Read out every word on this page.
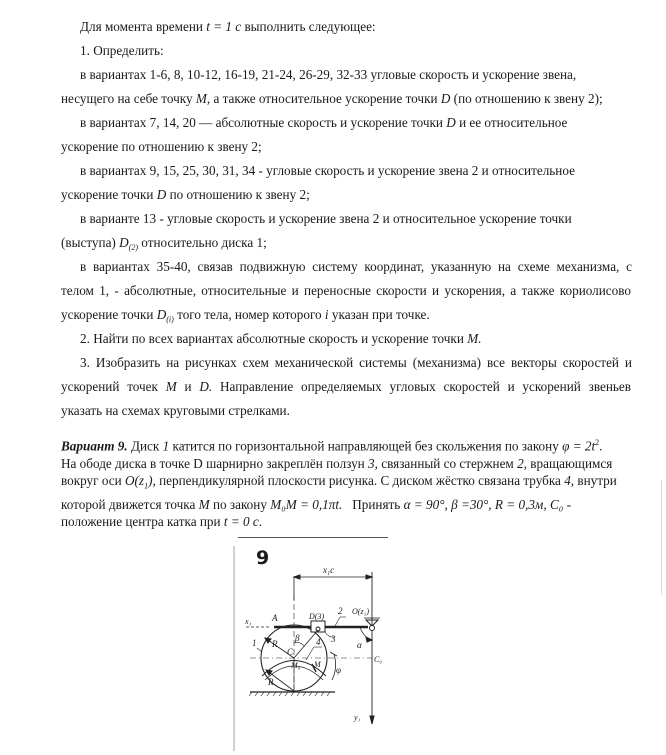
Для момента времени t = 1 с выполнить следующее:
1. Определить:
в вариантах 1-6, 8, 10-12, 16-19, 21-24, 26-29, 32-33 угловые скорость и ускорение звена,
несущего на себе точку M, а также относительное ускорение точки D (по отношению к звену 2);
в вариантах 7, 14, 20 — абсолютные скорость и ускорение точки D и ее относительное
ускорение по отношению к звену 2;
в вариантах 9, 15, 25, 30, 31, 34 - угловые скорость и ускорение звена 2 и относительное
ускорение точки D по отношению к звену 2;
в варианте 13 - угловые скорость и ускорение звена 2 и относительное ускорение точки
(выступа) $D_{(2)}$ относительно диска 1;
в вариантах 35-40, связав подвижную систему координат, указанную на схеме механизма, с
телом 1, - абсолютные, относительные и переносные скорости и ускорения, а также кориолисово
ускорение точки $D_{(i)}$ того тела, номер которого i указан при точке.
2. Найти по всех вариантах абсолютные скорость и ускорение точки M.
3. Изобразить на рисунках схем механической системы (механизма) все векторы скоростей и
ускорений точек M и D. Направление определяемых угловых скоростей и ускорений звеньев
указать на схемах круговыми стрелками.
Вариант 9. Диск 1 катится по горизонтальной направляющей без скольжения по закону $\varphi = 2t^2$.
На ободе диска в точке D шарнирно закреплён ползун 3, связанный со стержнем 2, вращающимся
вокруг оси $O(z_1)$, перпендикулярной плоскости рисунка. С диском жёстко связана трубка 4, внутри
которой движется точка M по закону M₀M = 0,1πt.   Принять α = 90°, β =30°, R = 0,3м, C₀ -
положение центра катка при t = 0 с.
9
x₁c
x₁ A	D(3)
2 O(z₁)
1 R
β
C
3
4	α
C₀
M₀ M
φ
R
y₁
